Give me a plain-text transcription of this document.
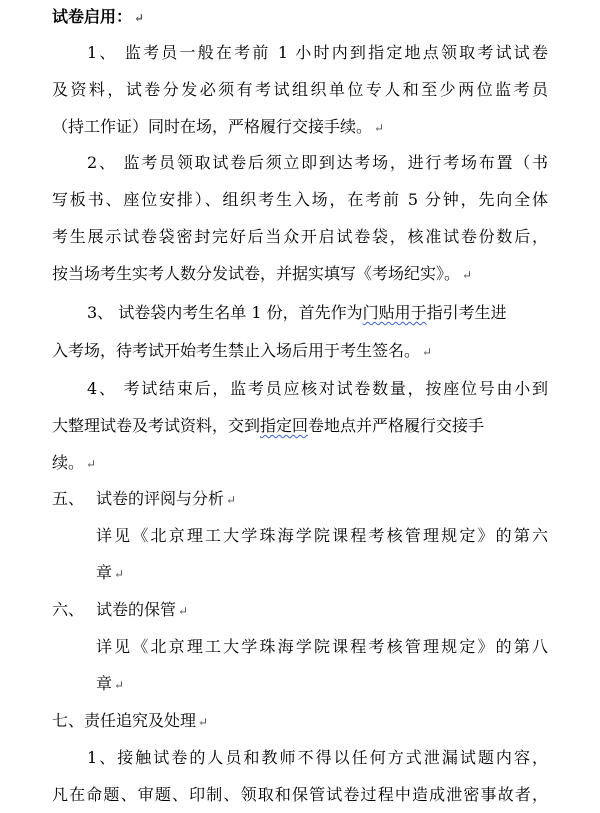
试卷启用： ↵
1、 监考员一般在考前 1 小时内到指定地点领取考试试卷
及资料，试卷分发必须有考试组织单位专人和至少两位监考员
（持工作证）同时在场，严格履行交接手续。 ↵
2、 监考员领取试卷后须立即到达考场，进行考场布置（书
写板书、座位安排）、组织考生入场，在考前 5 分钟，先向全体
考生展示试卷袋密封完好后当众开启试卷袋，核准试卷份数后，
按当场考生实考人数分发试卷，并据实填写《考场纪实》。 ↵
3、 试卷袋内考生名单 1 份，首先作为门贴用于指引考生进
入考场，待考试开始考生禁止入场后用于考生签名。 ↵
4、 考试结束后，监考员应核对试卷数量，按座位号由小到
大整理试卷及考试资料，交到指定回卷地点并严格履行交接手
续。 ↵
五、 试卷的评阅与分析 ↵
详见《北京理工大学珠海学院课程考核管理规定》的第六
章 ↵
六、 试卷的保管 ↵
详见《北京理工大学珠海学院课程考核管理规定》的第八
章 ↵
七、责任追究及处理 ↵
1、接触试卷的人员和教师不得以任何方式泄漏试题内容，
凡在命题、审题、印制、领取和保管试卷过程中造成泄密事故者，
